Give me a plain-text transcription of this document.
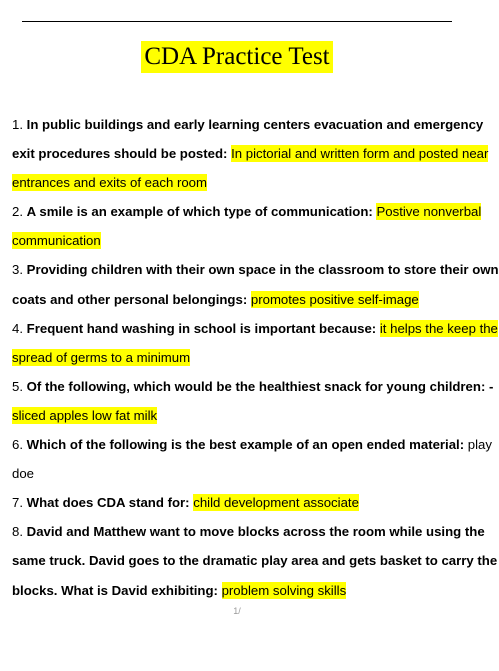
CDA Practice Test
1. In public buildings and early learning centers evacuation and emergency
exit procedures should be posted: In pictorial and written form and posted near
entrances and exits of each room
2. A smile is an example of which type of communication: Postive nonverbal
communication
3. Providing children with their own space in the classroom to store their own
coats and other personal belongings: promotes positive self-image
4. Frequent hand washing in school is important because: it helps the keep the
spread of germs to a minimum
5. Of the following, which would be the healthiest snack for young children: -
sliced apples low fat milk
6. Which of the following is the best example of an open ended material: play
doe
7. What does CDA stand for: child development associate
8. David and Matthew want to move blocks across the room while using the
same truck. David goes to the dramatic play area and gets basket to carry the
blocks. What is David exhibiting: problem solving skills
1/
